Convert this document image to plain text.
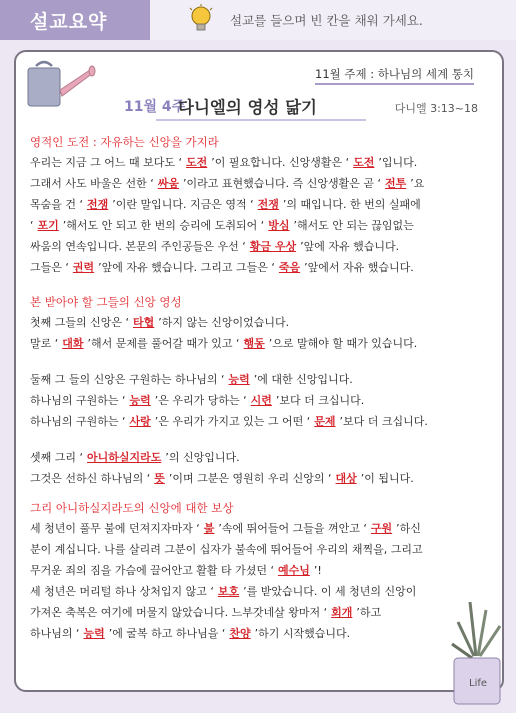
설교요약	설교를 들으며 빈 칸을 채워 가세요.
11월 주제 : 하나님의 세계 통치
11월 4주
다니엘의 영성 닮기	다니엘 3:13~18
영적인 도전 : 자유하는 신앙을 가지라
우리는 지금 그 어느 때 보다도 ‘ 도전 ’이 필요합니다. 신앙생활은 ‘ 도전 ’입니다.
그래서 사도 바울은 선한 ‘ 싸움 ’이라고 표현했습니다. 즉 신앙생활은 곧 ‘ 전투 ’요
목숨을 건 ‘ 전쟁 ’이란 말입니다. 지금은 영적 ‘ 전쟁 ’의 때입니다. 한 번의 실패에
‘ 포기 ’해서도 안 되고 한 번의 승리에 도취되어 ‘ 방심 ’해서도 안 되는 끊임없는
싸움의 연속입니다. 본문의 주인공들은 우선 ‘ 황금 우상 ’앞에 자유 했습니다.
그들은 ‘ 권력 ’앞에 자유 했습니다. 그리고 그들은 ‘ 죽음 ’앞에서 자유 했습니다.
본 받아야 할 그들의 신앙 영성
첫째 그들의 신앙은 ‘ 타협 ’하지 않는 신앙이었습니다.
말로 ‘ 대화 ’해서 문제를 풀어갈 때가 있고 ‘ 행동 ’으로 말해야 할 때가 있습니다.
둘째 그 들의 신앙은 구원하는 하나님의 ‘ 능력 ’에 대한 신앙입니다.
하나님의 구원하는 ‘ 능력 ’은 우리가 당하는 ‘ 시련 ’보다 더 크십니다.
하나님의 구원하는 ‘ 사랑 ’은 우리가 가지고 있는 그 어떤 ‘ 문제 ’보다 더 크십니다.
셋째 그리 ‘ 아니하실지라도 ’의 신앙입니다.
그것은 선하신 하나님의 ‘ 뜻 ’이며 그분은 영원히 우리 신앙의 ‘ 대상 ’이 됩니다.
그리 아니하실지라도의 신앙에 대한 보상
세 청년이 풀무 불에 던져지자마자 ‘ 불 ’속에 뛰어들어 그들을 껴안고 ‘ 구원 ’하신
분이 계십니다. 나를 살리려 그분이 십자가 불속에 뛰어들어 우리의 채찍을, 그리고
무거운 죄의 짐을 가슴에 끌어안고 활활 타 가셨던 ‘ 예수님 ’!
세 청년은 머리털 하나 상처입지 않고 ‘ 보호 ’를 받았습니다. 이 세 청년의 신앙이
가져온 축복은 여기에 머물지 않았습니다. 느부갓네살 왕마저 ‘ 회개 ’하고
하나님의 ‘ 능력 ’에 굴복 하고 하나님을 ‘ 찬양 ’하기 시작했습니다.
Life
